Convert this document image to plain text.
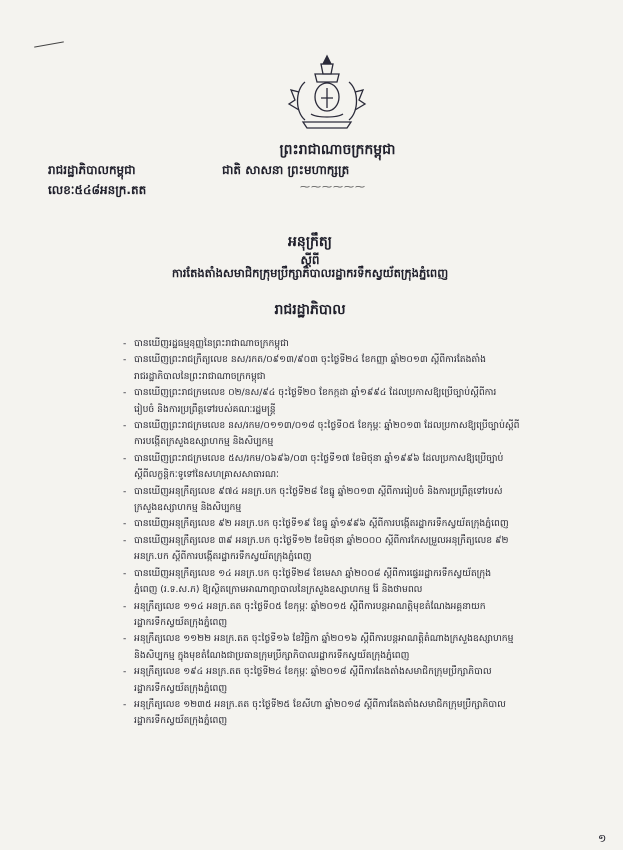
ព្រះរាជាណាចក្រកម្ពុជា
ជាតិ សាសនា ព្រះមហាក្សត្រ
⁓⁓⁓⁓⁓⁓
រាជរដ្ឋាភិបាលកម្ពុជា
លេខៈ៥៤៨អនក្រ.តត
អនុក្រឹត្យ
ស្តីពី
ការតែងតាំងសមាជិកក្រុមប្រឹក្សាភិបាលរដ្ឋាករទឹកស្វយ័តក្រុងភ្នំពេញ
រាជរដ្ឋាភិបាល
- បានឃើញរដ្ឋធម្មនុញ្ញនៃព្រះរាជាណាចក្រកម្ពុជា
- បានឃើញព្រះរាជក្រឹត្យលេខ នស/រកត/០៩១៣/៩០៣ ចុះថ្ងៃទី២៤ ខែកញ្ញា ឆ្នាំ២០១៣ ស្តីពីការតែងតាំង
រាជរដ្ឋាភិបាលនៃព្រះរាជាណាចក្រកម្ពុជា
- បានឃើញព្រះរាជក្រមលេខ ០២/នស/៩៤ ចុះថ្ងៃទី២០ ខែកក្កដា ឆ្នាំ១៩៩៤ ដែលប្រកាសឱ្យប្រើច្បាប់ស្តីពីការ
រៀបចំ និងការប្រព្រឹត្តទៅរបស់គណៈរដ្ឋមន្ត្រី
- បានឃើញព្រះរាជក្រមលេខ នស/រកម/០១១៣/០១៨ ចុះថ្ងៃទី០៥ ខែកុម្ភៈ ឆ្នាំ២០១៣ ដែលប្រកាសឱ្យប្រើច្បាប់ស្តីពី
ការបង្កើតក្រសួងឧស្សាហកម្ម និងសិប្បកម្ម
- បានឃើញព្រះរាជក្រមលេខ ៥ស/រកម/០៦៩៦/០៣ ចុះថ្ងៃទី១៧ ខែមិថុនា ឆ្នាំ១៩៩៦ ដែលប្រកាសឱ្យប្រើច្បាប់
ស្តីពីលក្ខន្តិកៈទូទៅនៃសហគ្រាសសាធារណៈ
- បានឃើញអនុក្រឹត្យលេខ ៩៧៤ អនក្រ.បក ចុះថ្ងៃទី២៨ ខែធ្នូ ឆ្នាំ២០១៣ ស្តីពីការរៀបចំ និងការប្រព្រឹត្តទៅរបស់
ក្រសួងឧស្សាហកម្ម និងសិប្បកម្ម
- បានឃើញអនុក្រឹត្យលេខ ៩២ អនក្រ.បក ចុះថ្ងៃទី១៩ ខែធ្នូ ឆ្នាំ១៩៩៦ ស្តីពីការបង្កើតរដ្ឋាករទឹកស្វយ័តក្រុងភ្នំពេញ
- បានឃើញអនុក្រឹត្យលេខ ៣៩ អនក្រ.បក ចុះថ្ងៃទី១២ ខែមិថុនា ឆ្នាំ២០០០ ស្តីពីការកែសម្រួលអនុក្រឹត្យលេខ ៩២
អនក្រ.បក ស្តីពីការបង្កើតរដ្ឋាករទឹកស្វយ័តក្រុងភ្នំពេញ
- បានឃើញអនុក្រឹត្យលេខ ១៤ អនក្រ.បក ចុះថ្ងៃទី២៨ ខែមេសា ឆ្នាំ២០០៨ ស្តីពីការផ្ទេររដ្ឋាករទឹកស្វយ័តក្រុង
ភ្នំពេញ (រ.ទ.ស.ភ) ឱ្យស្ថិតក្រោមអាណាព្យាបាលនៃក្រសួងឧស្សាហកម្ម រ៉ែ និងថាមពល
- អនុក្រឹត្យលេខ ១១៤ អនក្រ.តត ចុះថ្ងៃទី០៥ ខែកុម្ភៈ ឆ្នាំ២០១៥ ស្តីពីការបន្តអាណត្តិមុខតំណែងអគ្គនាយក
រដ្ឋាករទឹកស្វយ័តក្រុងភ្នំពេញ
- អនុក្រឹត្យលេខ ១១២២ អនក្រ.តត ចុះថ្ងៃទី១៦ ខែវិច្ឆិកា ឆ្នាំ២០១៦ ស្តីពីការបន្តអាណត្តិតំណាងក្រសួងឧស្សាហកម្ម
និងសិប្បកម្ម ក្នុងមុខតំណែងជាប្រធានក្រុមប្រឹក្សាភិបាលរដ្ឋាករទឹកស្វយ័តក្រុងភ្នំពេញ
- អនុក្រឹត្យលេខ ១៩៤ អនក្រ.តត ចុះថ្ងៃទី២៤ ខែកុម្ភៈ ឆ្នាំ២០១៨ ស្តីពីការតែងតាំងសមាជិកក្រុមប្រឹក្សាភិបាល
រដ្ឋាករទឹកស្វយ័តក្រុងភ្នំពេញ
- អនុក្រឹត្យលេខ ១២៣៥ អនក្រ.តត ចុះថ្ងៃទី២៥ ខែសីហា ឆ្នាំ២០១៨ ស្តីពីការតែងតាំងសមាជិកក្រុមប្រឹក្សាភិបាល
រដ្ឋាករទឹកស្វយ័តក្រុងភ្នំពេញ
១
